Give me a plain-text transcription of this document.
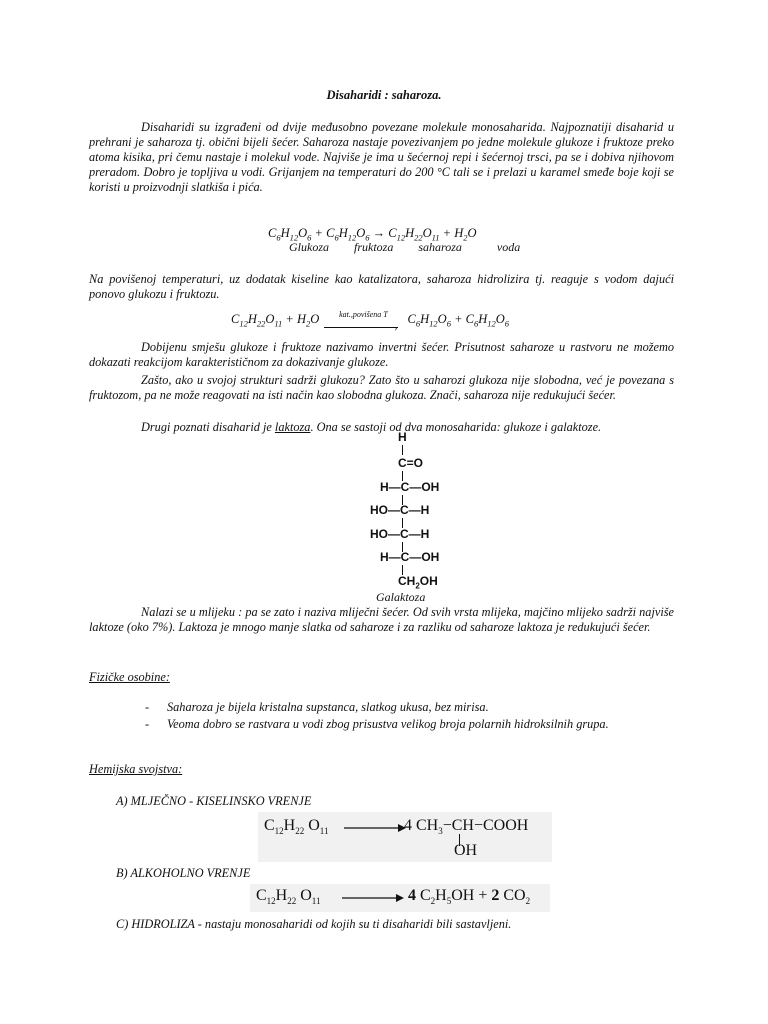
Disaharidi : saharoza.

Disaharidi su izgrađeni od dvije međusobno povezane molekule monosaharida. Najpoznatiji disaharid u prehrani je saharoza tj. obični bijeli šećer. Saharoza nastaje povezivanjem po jedne molekule glukoze i fruktoze preko atoma kisika, pri čemu nastaje i molekul vode. Najviše je ima u šećernoj repi i šećernoj trsci, pa se i dobiva njihovom preradom. Dobro je topljiva u vodi. Grijanjem na temperaturi do 200 °C tali se i prelazi u karamel smeđe boje koji se koristi u proizvodnji slatkiša i pića.

$C_6H_{12}O_6 + C_6H_{12}O_6 \to C_{12}H_{22}O_{11} + H_2O$
Glukoza fruktoza saharoza	voda

Na povišenoj temperaturi, uz dodatak kiseline kao katalizatora, saharoza hidrolizira tj. reaguje s vodom dajući ponovo glukozu i fruktozu.

$C_{12}H_{22}O_{11} + H_2O$	kat.,povišena T
›
$C_6H_{12}O_6 + C_6H_{12}O_6$

Dobijenu smješu glukoze i fruktoze nazivamo invertni šećer. Prisutnost saharoze u rastvoru ne možemo dokazati reakcijom karakterističnom za dokazivanje glukoze.

Zašto, ako u svojoj strukturi sadrži glukozu? Zato što u saharozi glukoza nije slobodna, već je povezana s fruktozom, pa ne može reagovati na isti način kao slobodna glukoza. Znači, saharoza nije redukujući šećer.

Drugi poznati disaharid je laktoza. Ona se sastoji od dva monosaharida: glukoze i galaktoze.

H
C=O
H—C—OH
HO—C—H
HO—C—H
H—C—OH
$CH_2OH$
Galaktoza

Nalazi se u mlijeku : pa se zato i naziva mliječni šećer. Od svih vrsta mlijeka, majčino mlijeko sadrži najviše laktoze (oko 7%). Laktoza je mnogo manje slatka od saharoze i za razliku od saharoze laktoza je redukujući šećer.

Fizičke osobine:
- Saharoza je bijela kristalna supstanca, slatkog ukusa, bez mirisa.
- Veoma dobro se rastvara u vodi zbog prisustva velikog broja polarnih hidroksilnih grupa.
Hemijska svojstva:
A) MLJEČNO - KISELINSKO VRENJE
$C_{12}H_{22}$ $O_{11}$	4 $CH_3-CH-COOH$
OH
B) ALKOHOLNO VRENJE
$C_{12}H_{22}$ $O_{11}$	4 $C_2H_5OH + 2$ $CO_2$
C) HIDROLIZA - nastaju monosaharidi od kojih su ti disaharidi bili sastavljeni.
